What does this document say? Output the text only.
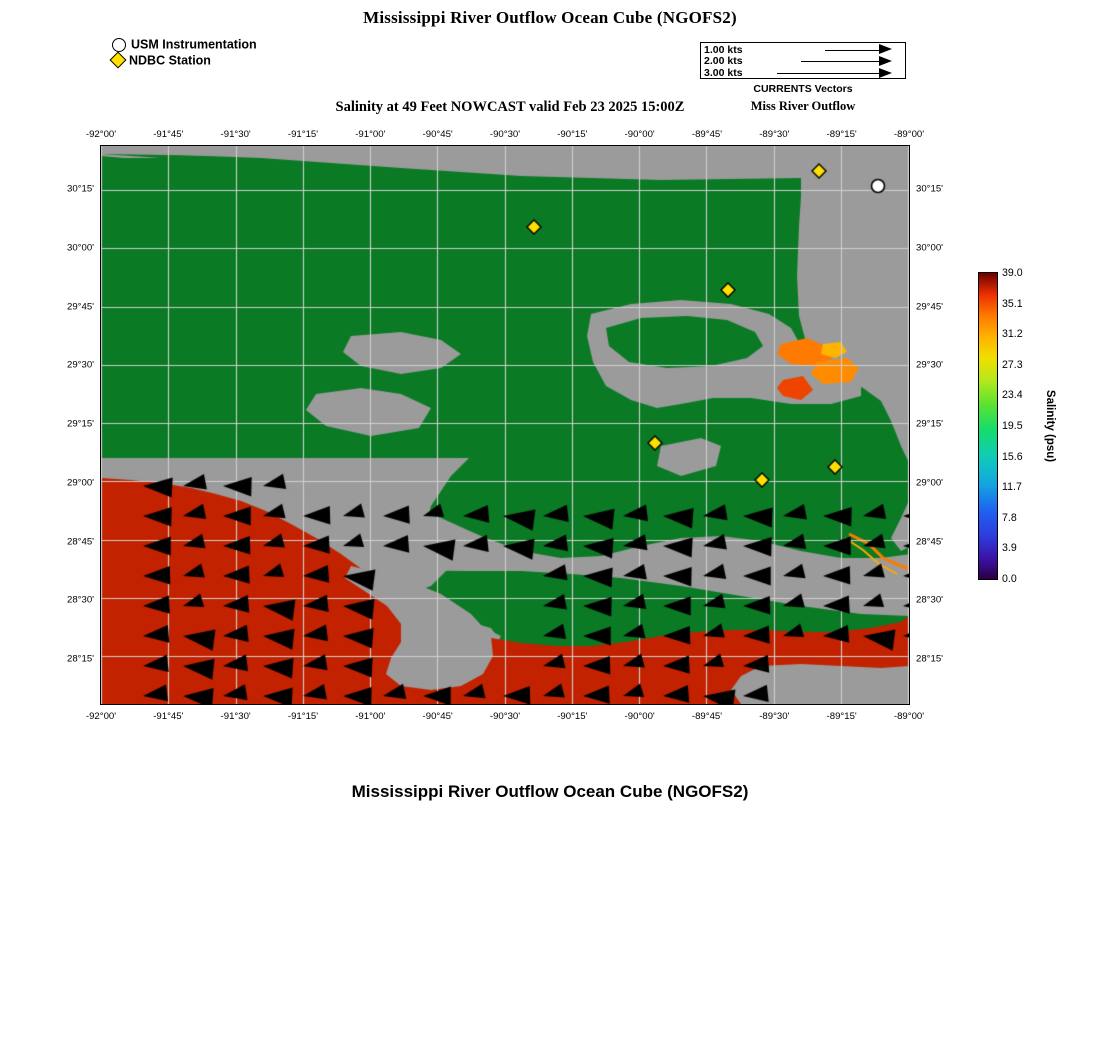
Mississippi River Outflow Ocean Cube (NGOFS2)
USM Instrumentation
NDBC Station
1.00 kts
2.00 kts
3.00 kts
CURRENTS Vectors
Miss River Outflow
Salinity at 49 Feet NOWCAST valid Feb 23 2025 15:00Z
-92°00'
-92°00'
-91°45'
-91°45'
-91°30'
-91°30'
-91°15'
-91°15'
-91°00'
-91°00'
-90°45'
-90°45'
-90°30'
-90°30'
-90°15'
-90°15'
-90°00'
-90°00'
-89°45'
-89°45'
-89°30'
-89°30'
-89°15'
-89°15'
-89°00'
-89°00'
30°15'	30°15'
30°00'	30°00'
29°45'	29°45'
29°30'	29°30'
29°15'	29°15'
29°00'	29°00'
28°45'	28°45'
28°30'	28°30'
28°15'	28°15'
Salinity (psu)
39.0
35.1
31.2
27.3
23.4
19.5
15.6
11.7
7.8
3.9
0.0
Mississippi River Outflow Ocean Cube (NGOFS2)
